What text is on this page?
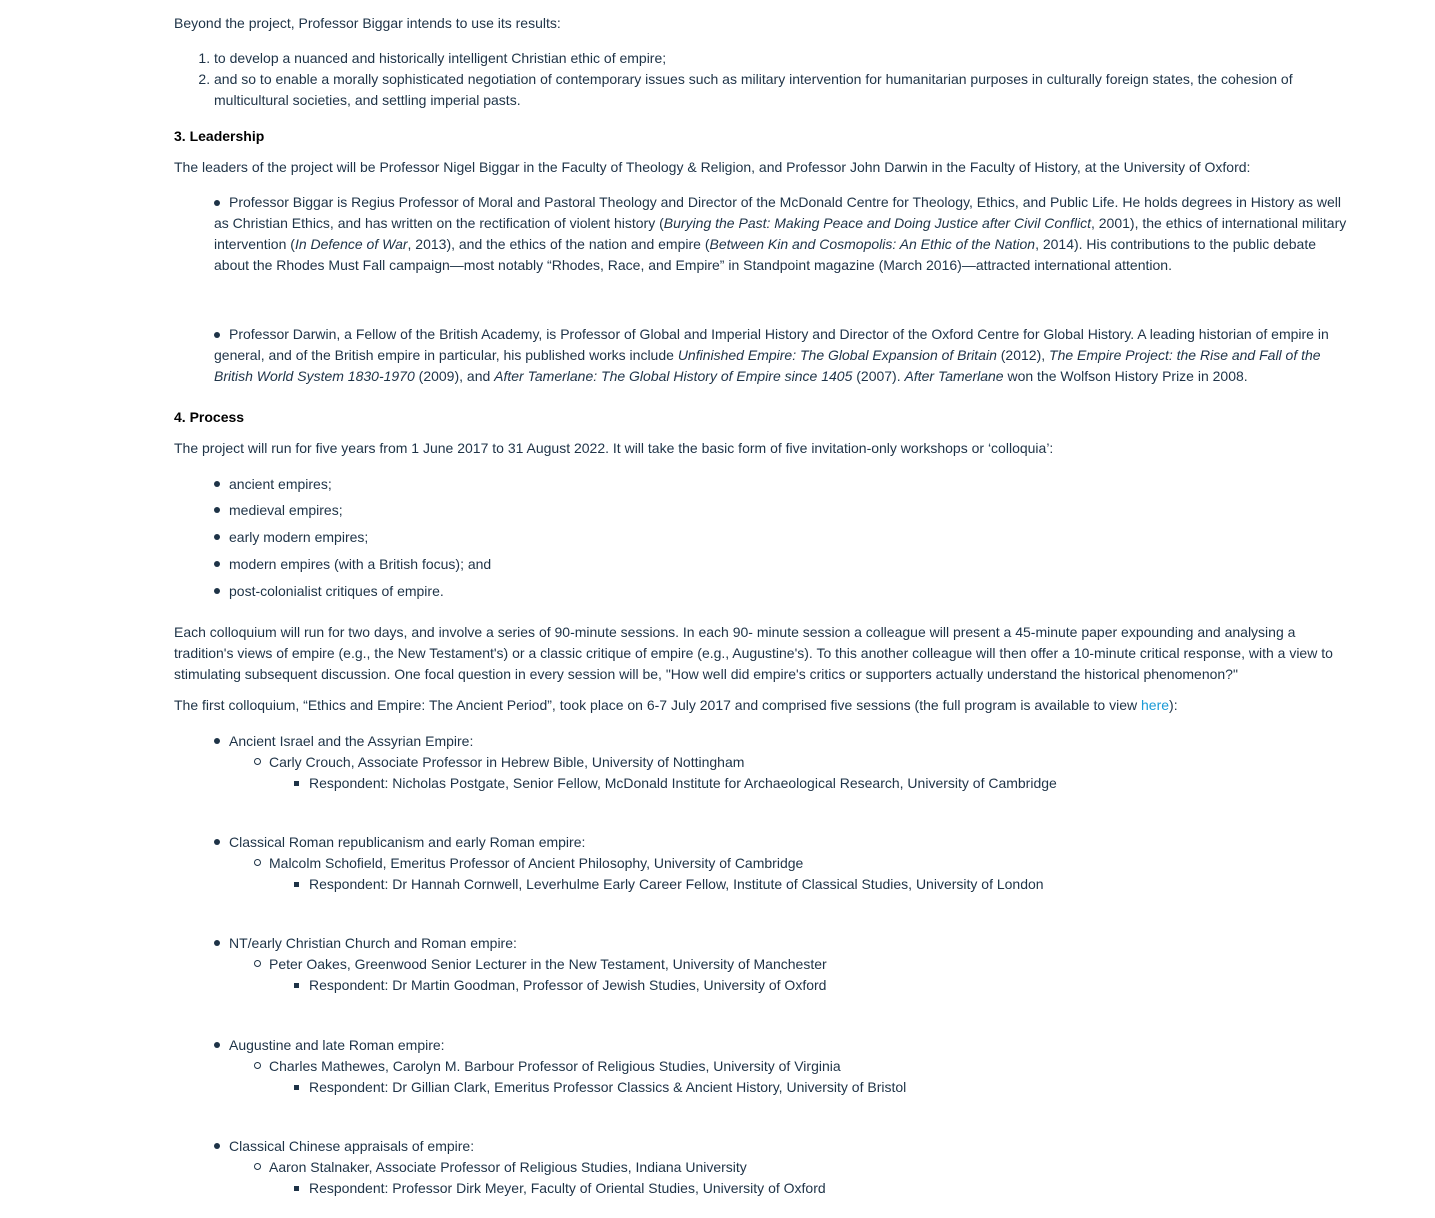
Beyond the project, Professor Biggar intends to use its results:

1. to develop a nuanced and historically intelligent Christian ethic of empire;
2. and so to enable a morally sophisticated negotiation of contemporary issues such as military intervention for humanitarian purposes in culturally foreign states, the cohesion of multicultural societies, and settling imperial pasts.
3. Leadership

The leaders of the project will be Professor Nigel Biggar in the Faculty of Theology & Religion, and Professor John Darwin in the Faculty of History, at the University of Oxford:

Professor Biggar is Regius Professor of Moral and Pastoral Theology and Director of the McDonald Centre for Theology, Ethics, and Public Life. He holds degrees in History as well as Christian Ethics, and has written on the rectification of violent history (Burying the Past: Making Peace and Doing Justice after Civil Conflict, 2001), the ethics of international military intervention (In Defence of War, 2013), and the ethics of the nation and empire (Between Kin and Cosmopolis: An Ethic of the Nation, 2014). His contributions to the public debate about the Rhodes Must Fall campaign—most notably “Rhodes, Race, and Empire” in Standpoint magazine (March 2016)—attracted international attention.

Professor Darwin, a Fellow of the British Academy, is Professor of Global and Imperial History and Director of the Oxford Centre for Global History. A leading historian of empire in general, and of the British empire in particular, his published works include Unfinished Empire: The Global Expansion of Britain (2012), The Empire Project: the Rise and Fall of the British World System 1830-1970 (2009), and After Tamerlane: The Global History of Empire since 1405 (2007). After Tamerlane won the Wolfson History Prize in 2008.

4. Process

The project will run for five years from 1 June 2017 to 31 August 2022. It will take the basic form of five invitation-only workshops or ‘colloquia’:

ancient empires;
medieval empires;
early modern empires;
modern empires (with a British focus); and
post-colonialist critiques of empire.

Each colloquium will run for two days, and involve a series of 90-minute sessions. In each 90- minute session a colleague will present a 45-minute paper expounding and analysing a tradition's views of empire (e.g., the New Testament's) or a classic critique of empire (e.g., Augustine's). To this another colleague will then offer a 10-minute critical response, with a view to stimulating subsequent discussion. One focal question in every session will be, "How well did empire's critics or supporters actually understand the historical phenomenon?"

The first colloquium, “Ethics and Empire: The Ancient Period”, took place on 6-7 July 2017 and comprised five sessions (the full program is available to view here):

Ancient Israel and the Assyrian Empire:
Carly Crouch, Associate Professor in Hebrew Bible, University of Nottingham
Respondent: Nicholas Postgate, Senior Fellow, McDonald Institute for Archaeological Research, University of Cambridge
Classical Roman republicanism and early Roman empire:
Malcolm Schofield, Emeritus Professor of Ancient Philosophy, University of Cambridge
Respondent: Dr Hannah Cornwell, Leverhulme Early Career Fellow, Institute of Classical Studies, University of London
NT/early Christian Church and Roman empire:
Peter Oakes, Greenwood Senior Lecturer in the New Testament, University of Manchester
Respondent: Dr Martin Goodman, Professor of Jewish Studies, University of Oxford
Augustine and late Roman empire:
Charles Mathewes, Carolyn M. Barbour Professor of Religious Studies, University of Virginia
Respondent: Dr Gillian Clark, Emeritus Professor Classics & Ancient History, University of Bristol
Classical Chinese appraisals of empire:
Aaron Stalnaker, Associate Professor of Religious Studies, Indiana University
Respondent: Professor Dirk Meyer, Faculty of Oriental Studies, University of Oxford
